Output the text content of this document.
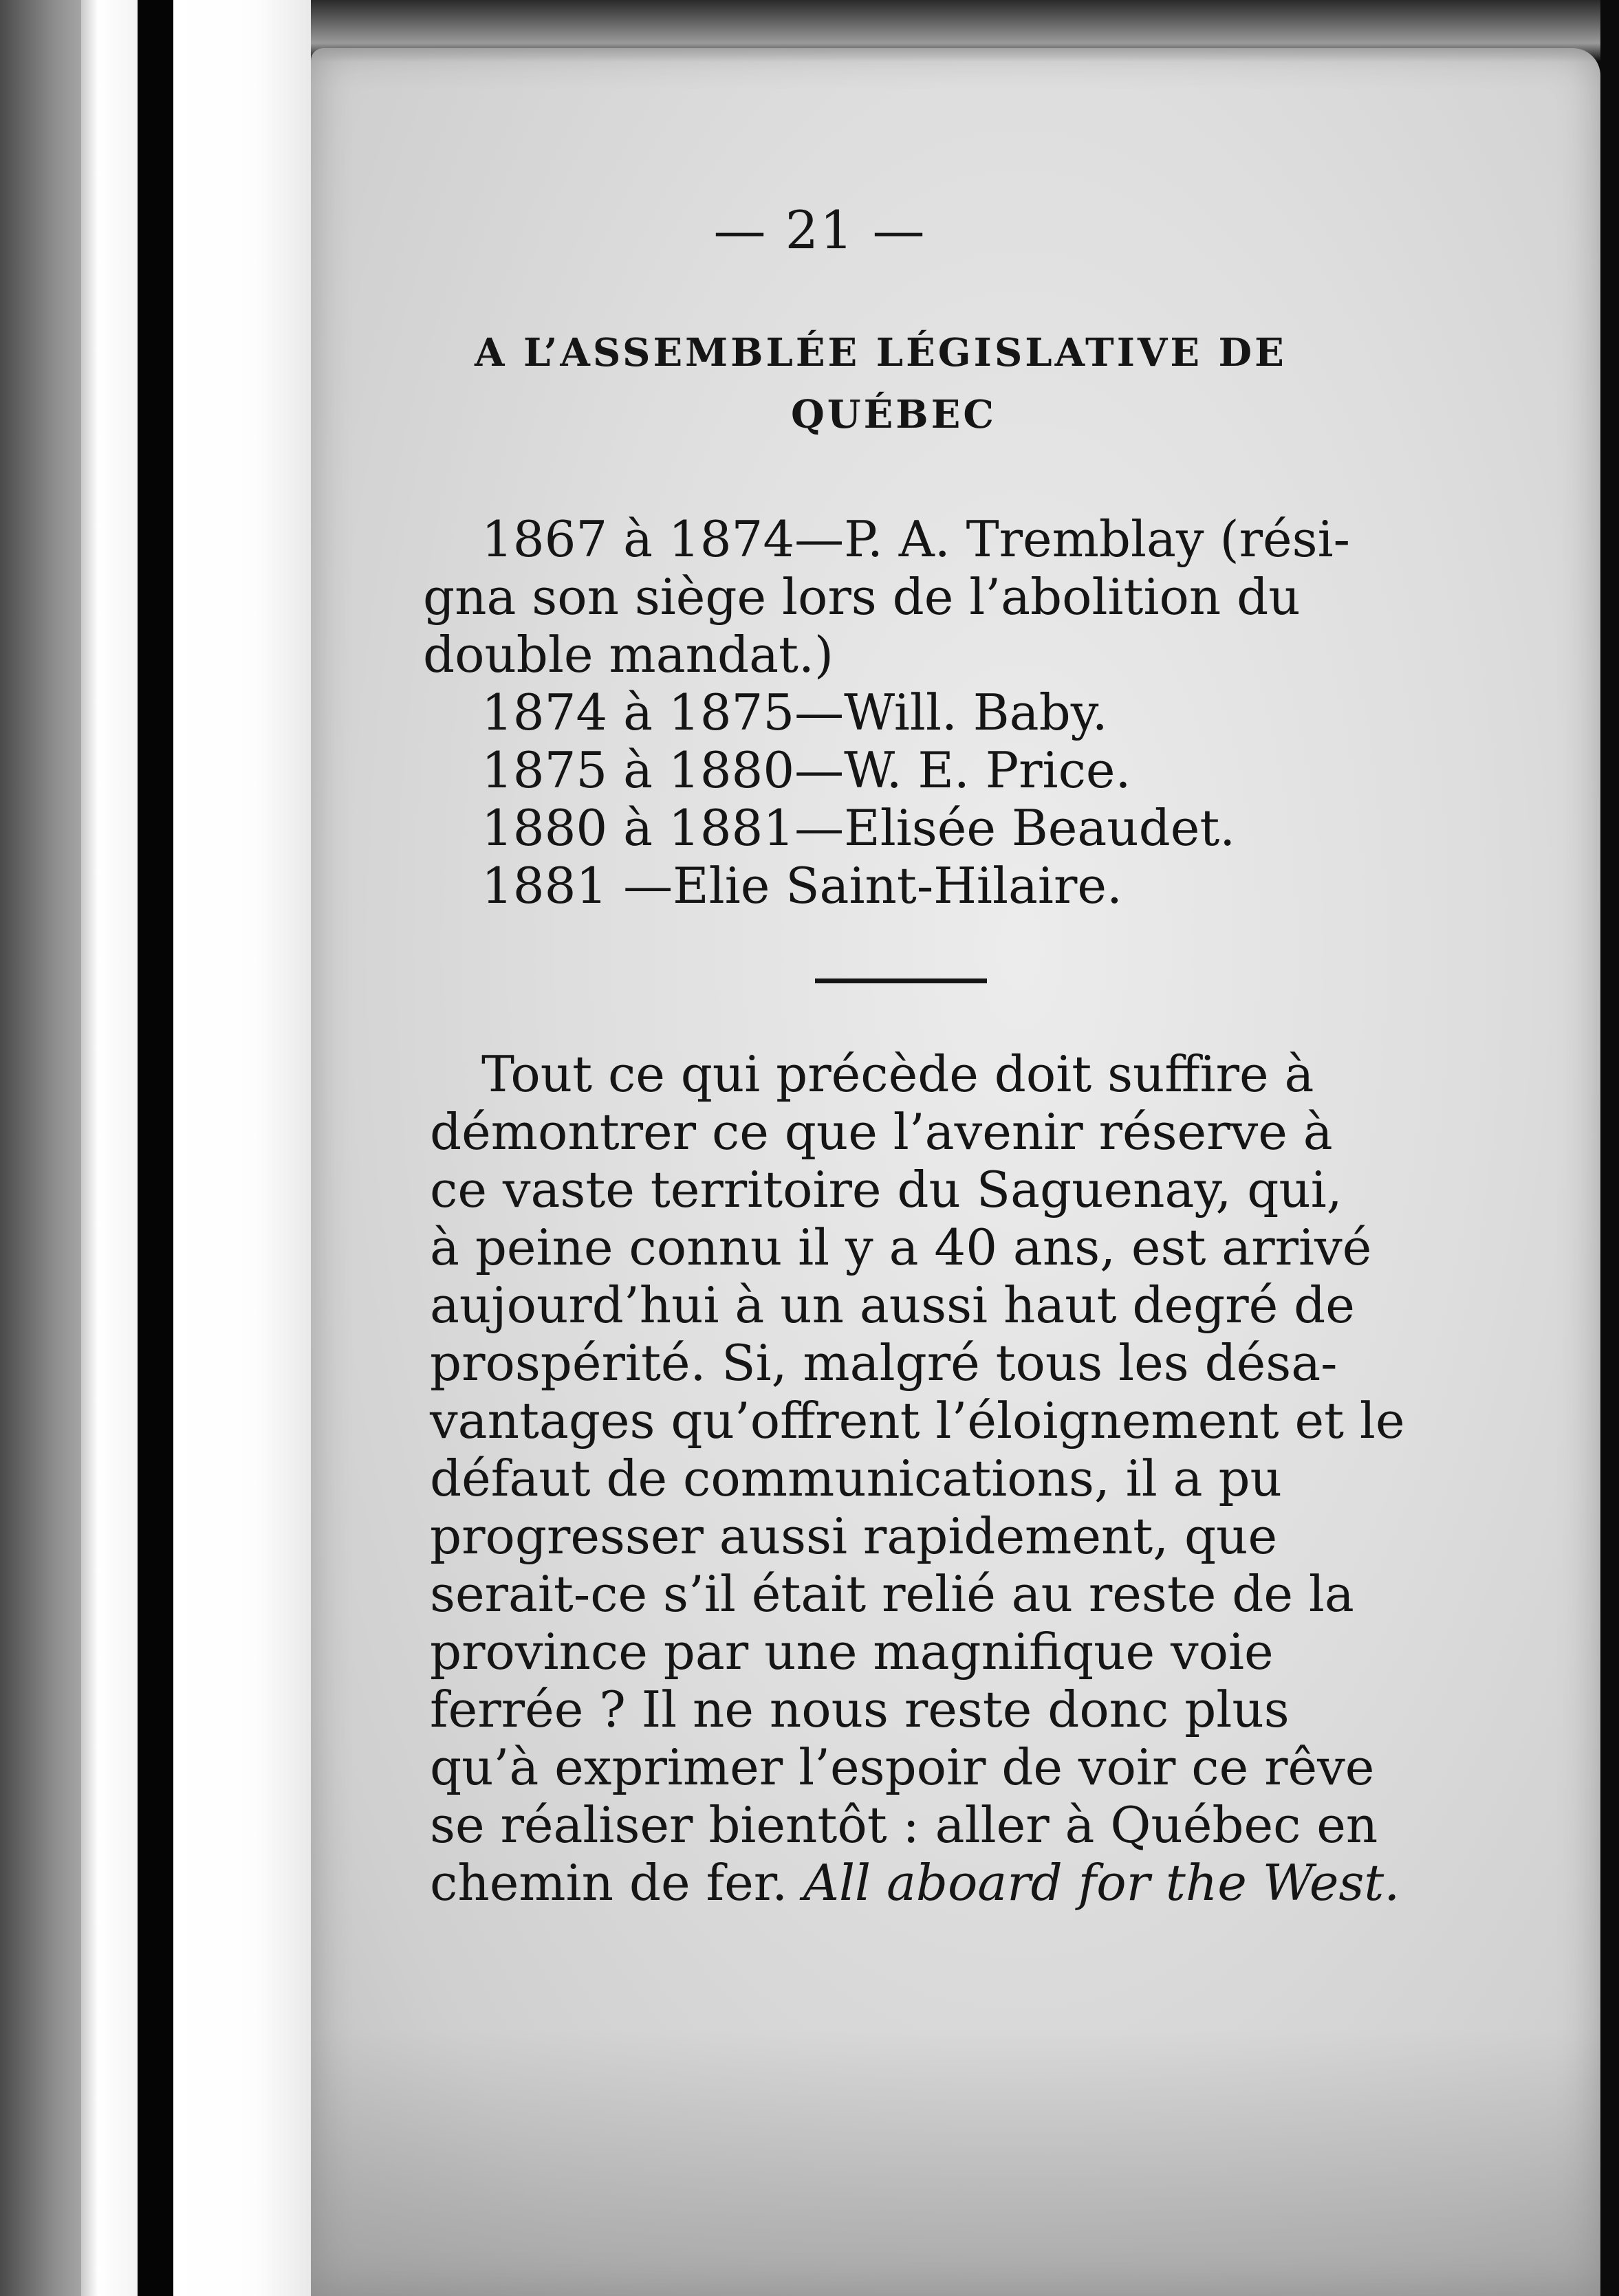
— 21 —
A L’ASSEMBLÉE LÉGISLATIVE DE
QUÉBEC
1867 à 1874—P. A. Tremblay (rési-
gna son siège lors de l’abolition du
double mandat.)
1874 à 1875—Will. Baby.
1875 à 1880—W. E. Price.
1880 à 1881—Elisée Beaudet.
1881 —Elie Saint-Hilaire.
Tout ce qui précède doit suffire à
démontrer ce que l’avenir réserve à
ce vaste territoire du Saguenay, qui,
à peine connu il y a 40 ans, est arrivé
aujourd’hui à un aussi haut degré de
prospérité. Si, malgré tous les désa-
vantages qu’offrent l’éloignement et le
défaut de communications, il a pu
progresser aussi rapidement, que
serait-ce s’il était relié au reste de la
province par une magnifique voie
ferrée ? Il ne nous reste donc plus
qu’à exprimer l’espoir de voir ce rêve
se réaliser bientôt : aller à Québec en
chemin de fer. All aboard for the West.
